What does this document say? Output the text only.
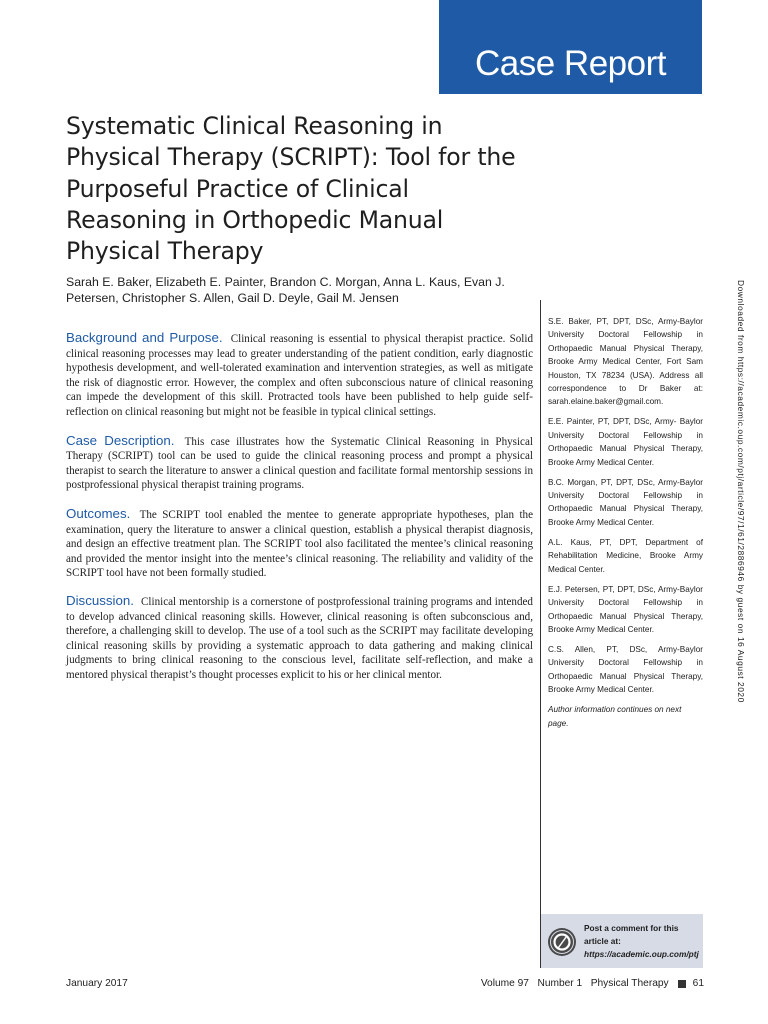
Case Report
Systematic Clinical Reasoning in Physical Therapy (SCRIPT): Tool for the Purposeful Practice of Clinical Reasoning in Orthopedic Manual Physical Therapy

Sarah E. Baker, Elizabeth E. Painter, Brandon C. Morgan, Anna L. Kaus, Evan J. Petersen, Christopher S. Allen, Gail D. Deyle, Gail M. Jensen

Background and Purpose. Clinical reasoning is essential to physical therapist practice. Solid clinical reasoning processes may lead to greater understanding of the patient condition, early diagnostic hypothesis development, and well-tolerated examination and intervention strategies, as well as mitigate the risk of diagnostic error. However, the complex and often subconscious nature of clinical reasoning can impede the development of this skill. Protracted tools have been published to help guide self-reflection on clinical reasoning but might not be feasible in typical clinical settings.

Case Description. This case illustrates how the Systematic Clinical Reasoning in Physical Therapy (SCRIPT) tool can be used to guide the clinical reasoning process and prompt a physical therapist to search the literature to answer a clinical question and facilitate formal mentorship sessions in postprofessional physical therapist training programs.

Outcomes. The SCRIPT tool enabled the mentee to generate appropriate hypotheses, plan the examination, query the literature to answer a clinical question, establish a physical therapist diagnosis, and design an effective treatment plan. The SCRIPT tool also facilitated the mentee’s clinical reasoning and provided the mentor insight into the mentee’s clinical reasoning. The reliability and validity of the SCRIPT tool have not been formally studied.

Discussion. Clinical mentorship is a cornerstone of postprofessional training programs and intended to develop advanced clinical reasoning skills. However, clinical reasoning is often subconscious and, therefore, a challenging skill to develop. The use of a tool such as the SCRIPT may facilitate developing clinical reasoning skills by providing a systematic approach to data gathering and making clinical judgments to bring clinical reasoning to the conscious level, facilitate self-reflection, and make a mentored physical therapist’s thought processes explicit to his or her clinical mentor.

S.E. Baker, PT, DPT, DSc, Army-Baylor University Doctoral Fellowship in Orthopaedic Manual Physical Therapy, Brooke Army Medical Center, Fort Sam Houston, TX 78234 (USA). Address all correspondence to Dr Baker at: sarah.elaine.baker@gmail.com.

E.E. Painter, PT, DPT, DSc, Army- Baylor University Doctoral Fellowship in Orthopaedic Manual Physical Therapy, Brooke Army Medical Center.

B.C. Morgan, PT, DPT, DSc, Army-Baylor University Doctoral Fellowship in Orthopaedic Manual Physical Therapy, Brooke Army Medical Center.

A.L. Kaus, PT, DPT, Department of Rehabilitation Medicine, Brooke Army Medical Center.

E.J. Petersen, PT, DPT, DSc, Army-Baylor University Doctoral Fellowship in Orthopaedic Manual Physical Therapy, Brooke Army Medical Center.

C.S. Allen, PT, DSc, Army-Baylor University Doctoral Fellowship in Orthopaedic Manual Physical Therapy, Brooke Army Medical Center.

Author information continues on next page.

Downloaded from https://academic.oup.com/ptj/article/97/1/61/2886946 by guest on 16 August 2020
Post a comment for this article at:
https://academic.oup.com/ptj
January 2017	Volume 97
Number 1
Physical Therapy 61
